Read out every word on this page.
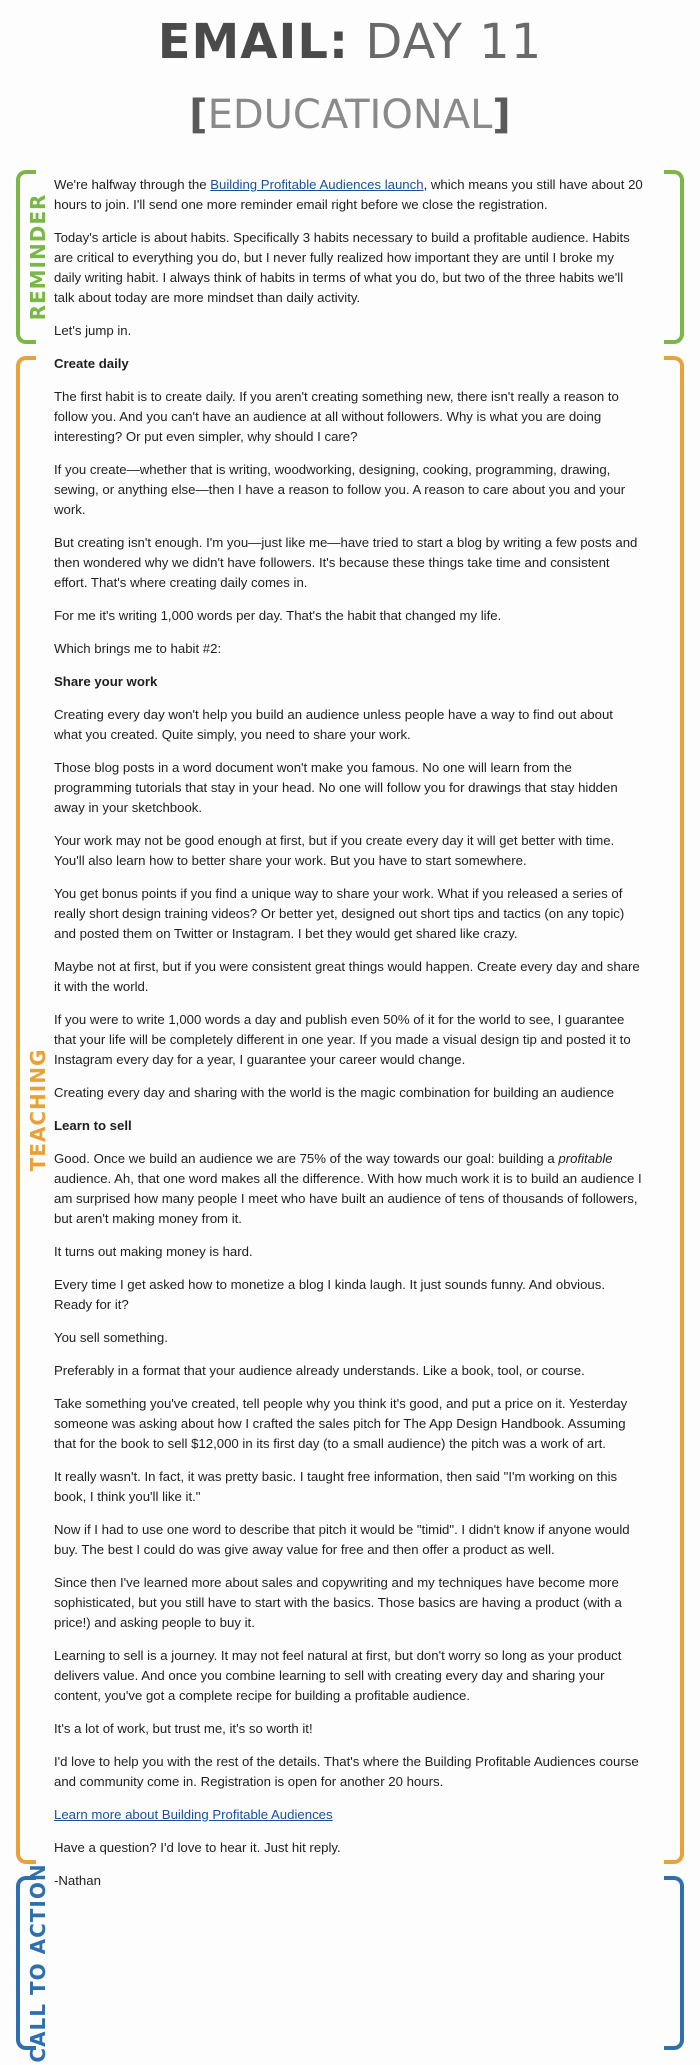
EMAIL: DAY 11
[EDUCATIONAL]
REMINDER
TEACHING
CALL TO ACTION

We're halfway through the Building Profitable Audiences launch, which means you still have about 20 hours to join. I'll send one more reminder email right before we close the registration.

Today's article is about habits. Specifically 3 habits necessary to build a profitable audience. Habits are critical to everything you do, but I never fully realized how important they are until I broke my daily writing habit. I always think of habits in terms of what you do, but two of the three habits we'll talk about today are more mindset than daily activity.

Let's jump in.

Create daily

The first habit is to create daily. If you aren't creating something new, there isn't really a reason to follow you. And you can't have an audience at all without followers. Why is what you are doing interesting? Or put even simpler, why should I care?

If you create—whether that is writing, woodworking, designing, cooking, programming, drawing, sewing, or anything else—then I have a reason to follow you. A reason to care about you and your work.

But creating isn't enough. I'm you—just like me—have tried to start a blog by writing a few posts and then wondered why we didn't have followers. It's because these things take time and consistent effort. That's where creating daily comes in.

For me it's writing 1,000 words per day. That's the habit that changed my life.

Which brings me to habit #2:

Share your work

Creating every day won't help you build an audience unless people have a way to find out about what you created. Quite simply, you need to share your work.

Those blog posts in a word document won't make you famous. No one will learn from the programming tutorials that stay in your head. No one will follow you for drawings that stay hidden away in your sketchbook.

Your work may not be good enough at first, but if you create every day it will get better with time. You'll also learn how to better share your work. But you have to start somewhere.

You get bonus points if you find a unique way to share your work. What if you released a series of really short design training videos? Or better yet, designed out short tips and tactics (on any topic) and posted them on Twitter or Instagram. I bet they would get shared like crazy.

Maybe not at first, but if you were consistent great things would happen. Create every day and share it with the world.

If you were to write 1,000 words a day and publish even 50% of it for the world to see, I guarantee that your life will be completely different in one year. If you made a visual design tip and posted it to Instagram every day for a year, I guarantee your career would change.

Creating every day and sharing with the world is the magic combination for building an audience

Learn to sell

Good. Once we build an audience we are 75% of the way towards our goal: building a profitable audience. Ah, that one word makes all the difference. With how much work it is to build an audience I am surprised how many people I meet who have built an audience of tens of thousands of followers, but aren't making money from it.

It turns out making money is hard.

Every time I get asked how to monetize a blog I kinda laugh. It just sounds funny. And obvious. Ready for it?

You sell something.

Preferably in a format that your audience already understands. Like a book, tool, or course.

Take something you've created, tell people why you think it's good, and put a price on it. Yesterday someone was asking about how I crafted the sales pitch for The App Design Handbook. Assuming that for the book to sell $12,000 in its first day (to a small audience) the pitch was a work of art.

It really wasn't. In fact, it was pretty basic. I taught free information, then said "I'm working on this book, I think you'll like it."

Now if I had to use one word to describe that pitch it would be "timid". I didn't know if anyone would buy. The best I could do was give away value for free and then offer a product as well.

Since then I've learned more about sales and copywriting and my techniques have become more sophisticated, but you still have to start with the basics. Those basics are having a product (with a price!) and asking people to buy it.

Learning to sell is a journey. It may not feel natural at first, but don't worry so long as your product delivers value. And once you combine learning to sell with creating every day and sharing your content, you've got a complete recipe for building a profitable audience.

It's a lot of work, but trust me, it's so worth it!

I'd love to help you with the rest of the details. That's where the Building Profitable Audiences course and community come in. Registration is open for another 20 hours.

Learn more about Building Profitable Audiences

Have a question? I'd love to hear it. Just hit reply.

-Nathan
